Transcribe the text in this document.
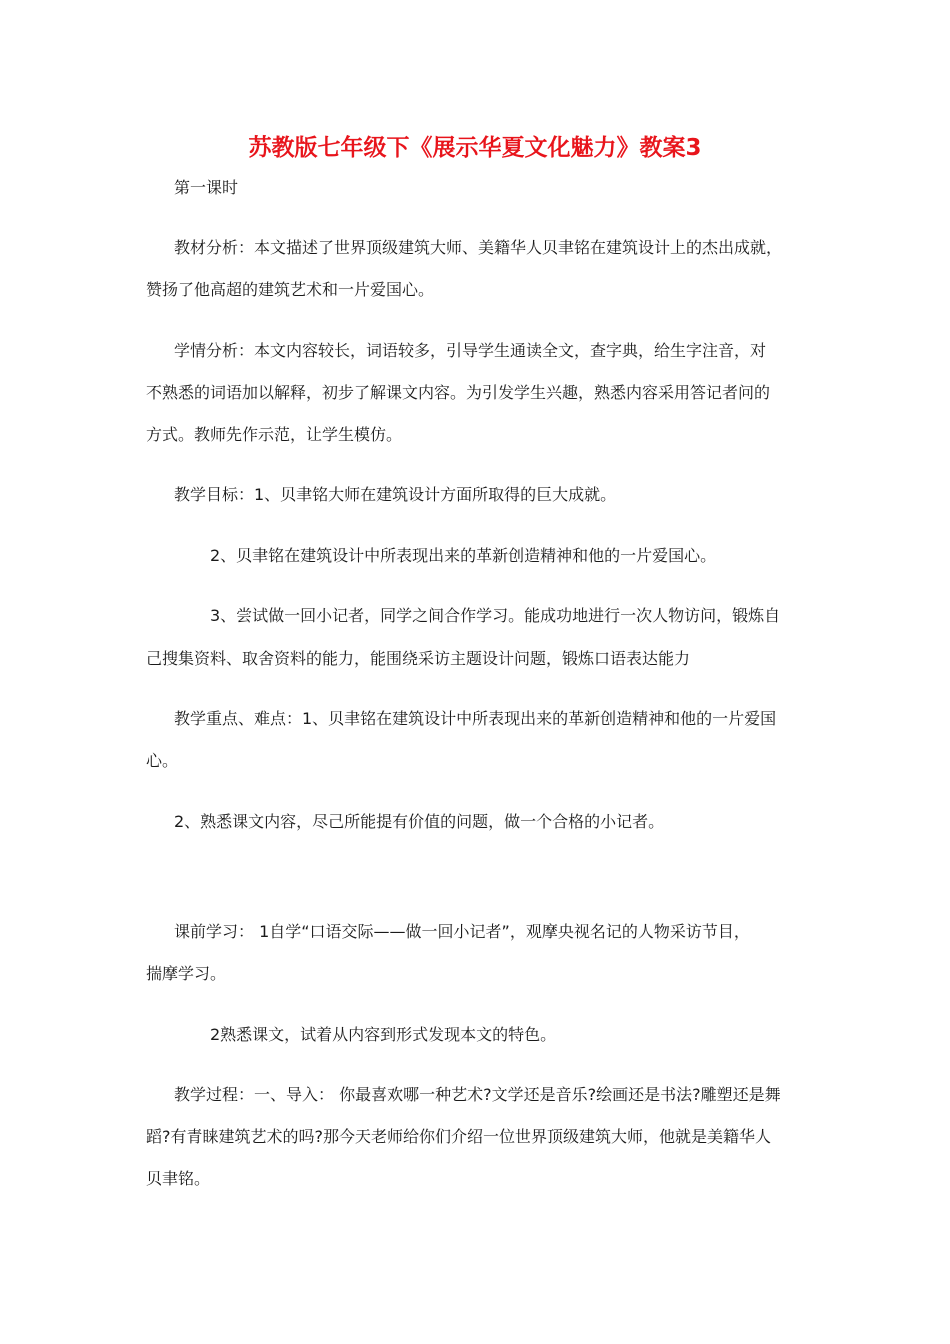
苏教版七年级下《展示华夏文化魅力》教案3
第一课时
教材分析：本文描述了世界顶级建筑大师、美籍华人贝聿铭在建筑设计上的杰出成就，
赞扬了他高超的建筑艺术和一片爱国心。
学情分析：本文内容较长，词语较多，引导学生通读全文，查字典，给生字注音，对
不熟悉的词语加以解释，初步了解课文内容。为引发学生兴趣，熟悉内容采用答记者问的
方式。教师先作示范，让学生模仿。
教学目标：1、贝聿铭大师在建筑设计方面所取得的巨大成就。
2、贝聿铭在建筑设计中所表现出来的革新创造精神和他的一片爱国心。
3、尝试做一回小记者，同学之间合作学习。能成功地进行一次人物访问，锻炼自
己搜集资料、取舍资料的能力，能围绕采访主题设计问题，锻炼口语表达能力
教学重点、难点：1、贝聿铭在建筑设计中所表现出来的革新创造精神和他的一片爱国
心。
2、熟悉课文内容，尽己所能提有价值的问题，做一个合格的小记者。
课前学习： 1自学“口语交际——做一回小记者”，观摩央视名记的人物采访节目，
揣摩学习。
2熟悉课文，试着从内容到形式发现本文的特色。
教学过程：一、导入： 你最喜欢哪一种艺术?文学还是音乐?绘画还是书法?雕塑还是舞
蹈?有青睐建筑艺术的吗?那今天老师给你们介绍一位世界顶级建筑大师，他就是美籍华人
贝聿铭。
